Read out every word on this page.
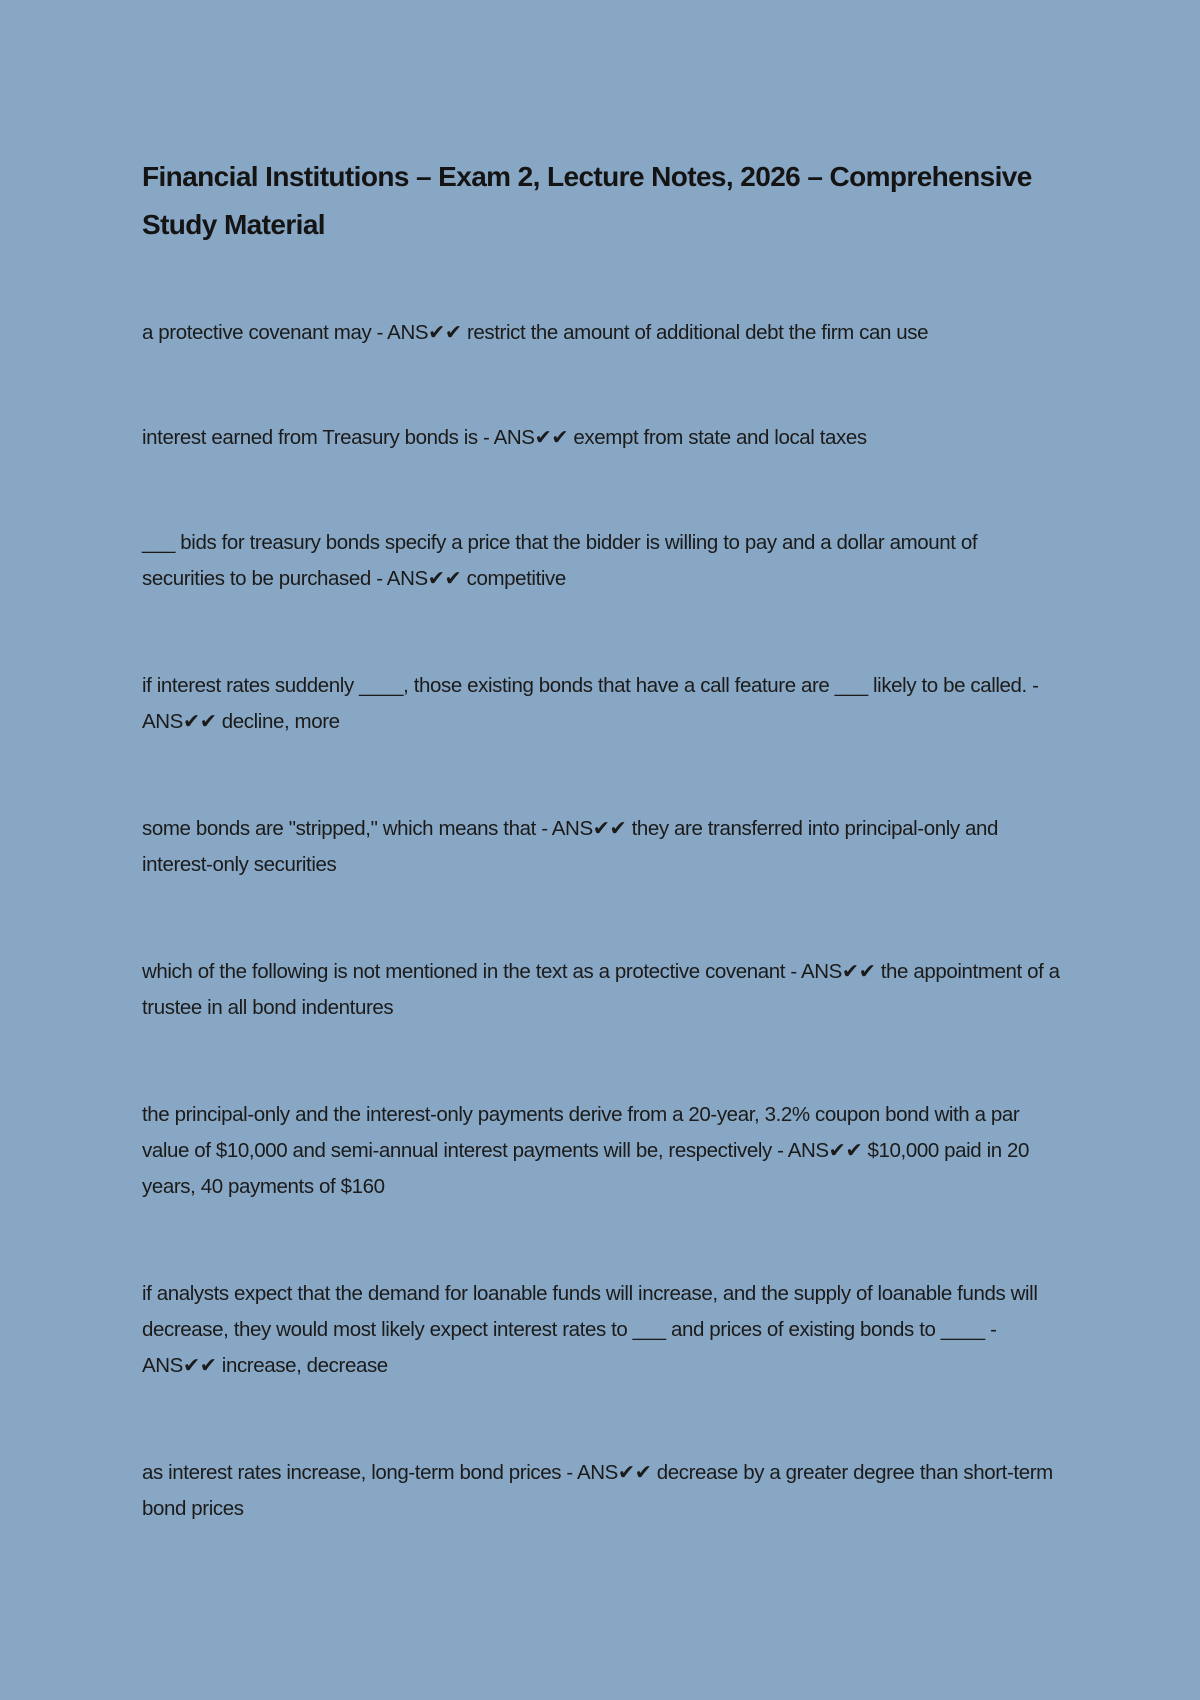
Financial Institutions – Exam 2, Lecture Notes, 2026 – Comprehensive Study Material

a protective covenant may - ANS✔✔ restrict the amount of additional debt the firm can use

interest earned from Treasury bonds is - ANS✔✔ exempt from state and local taxes

___ bids for treasury bonds specify a price that the bidder is willing to pay and a dollar amount of securities to be purchased - ANS✔✔ competitive

if interest rates suddenly ____, those existing bonds that have a call feature are ___ likely to be called. - ANS✔✔ decline, more

some bonds are "stripped," which means that - ANS✔✔ they are transferred into principal-only and interest-only securities

which of the following is not mentioned in the text as a protective covenant - ANS✔✔ the appointment of a trustee in all bond indentures

the principal-only and the interest-only payments derive from a 20-year, 3.2% coupon bond with a par value of $10,000 and semi-annual interest payments will be, respectively - ANS✔✔ $10,000 paid in 20 years, 40 payments of $160

if analysts expect that the demand for loanable funds will increase, and the supply of loanable funds will decrease, they would most likely expect interest rates to ___ and prices of existing bonds to ____ - ANS✔✔ increase, decrease

as interest rates increase, long-term bond prices - ANS✔✔ decrease by a greater degree than short-term bond prices
